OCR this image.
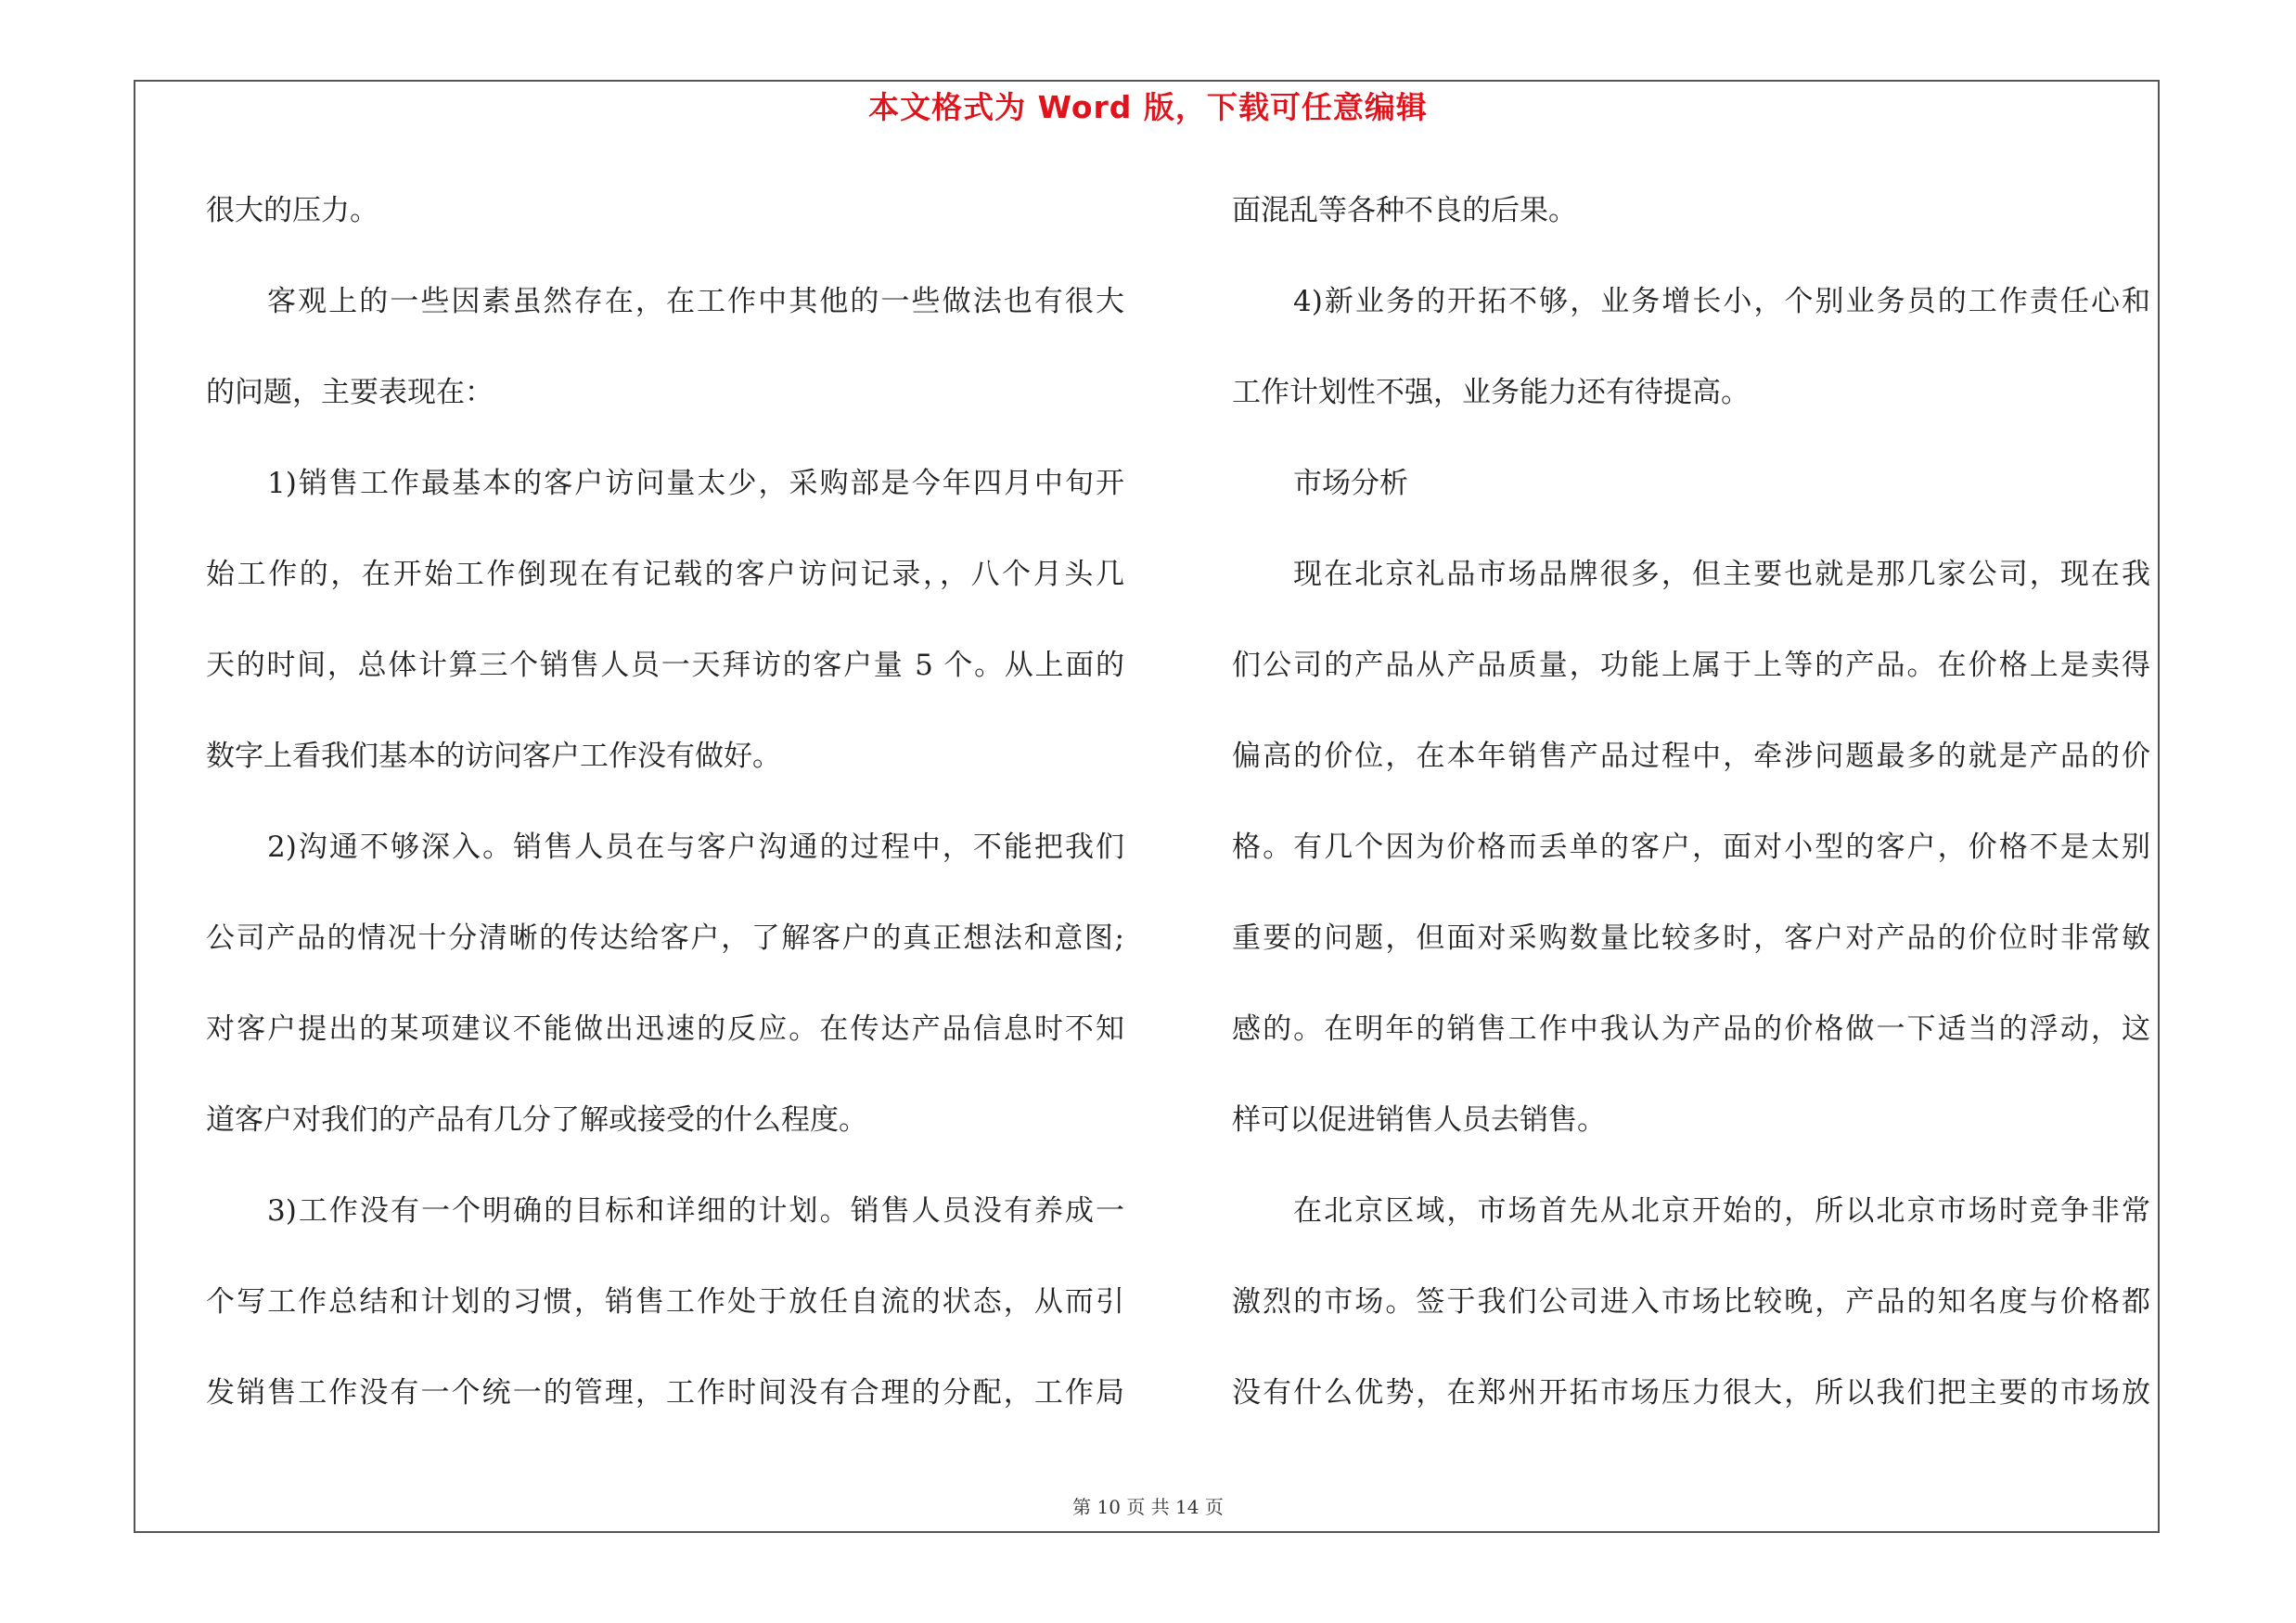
本文格式为 Word 版，下载可任意编辑
很大的压力。
客观上的一些因素虽然存在，在工作中其他的一些做法也有很大
的问题，主要表现在：
1)销售工作最基本的客户访问量太少，采购部是今年四月中旬开
始工作的，在开始工作倒现在有记载的客户访问记录，，八个月头几
天的时间，总体计算三个销售人员一天拜访的客户量 5 个。从上面的
数字上看我们基本的访问客户工作没有做好。
2)沟通不够深入。销售人员在与客户沟通的过程中，不能把我们
公司产品的情况十分清晰的传达给客户，了解客户的真正想法和意图;
对客户提出的某项建议不能做出迅速的反应。在传达产品信息时不知
道客户对我们的产品有几分了解或接受的什么程度。
3)工作没有一个明确的目标和详细的计划。销售人员没有养成一
个写工作总结和计划的习惯，销售工作处于放任自流的状态，从而引
发销售工作没有一个统一的管理，工作时间没有合理的分配，工作局
面混乱等各种不良的后果。
4)新业务的开拓不够，业务增长小，个别业务员的工作责任心和
工作计划性不强，业务能力还有待提高。
市场分析
现在北京礼品市场品牌很多，但主要也就是那几家公司，现在我
们公司的产品从产品质量，功能上属于上等的产品。在价格上是卖得
偏高的价位，在本年销售产品过程中，牵涉问题最多的就是产品的价
格。有几个因为价格而丢单的客户，面对小型的客户，价格不是太别
重要的问题，但面对采购数量比较多时，客户对产品的价位时非常敏
感的。在明年的销售工作中我认为产品的价格做一下适当的浮动，这
样可以促进销售人员去销售。
在北京区域，市场首先从北京开始的，所以北京市场时竞争非常
激烈的市场。签于我们公司进入市场比较晚，产品的知名度与价格都
没有什么优势，在郑州开拓市场压力很大，所以我们把主要的市场放
第 10 页 共 14 页
